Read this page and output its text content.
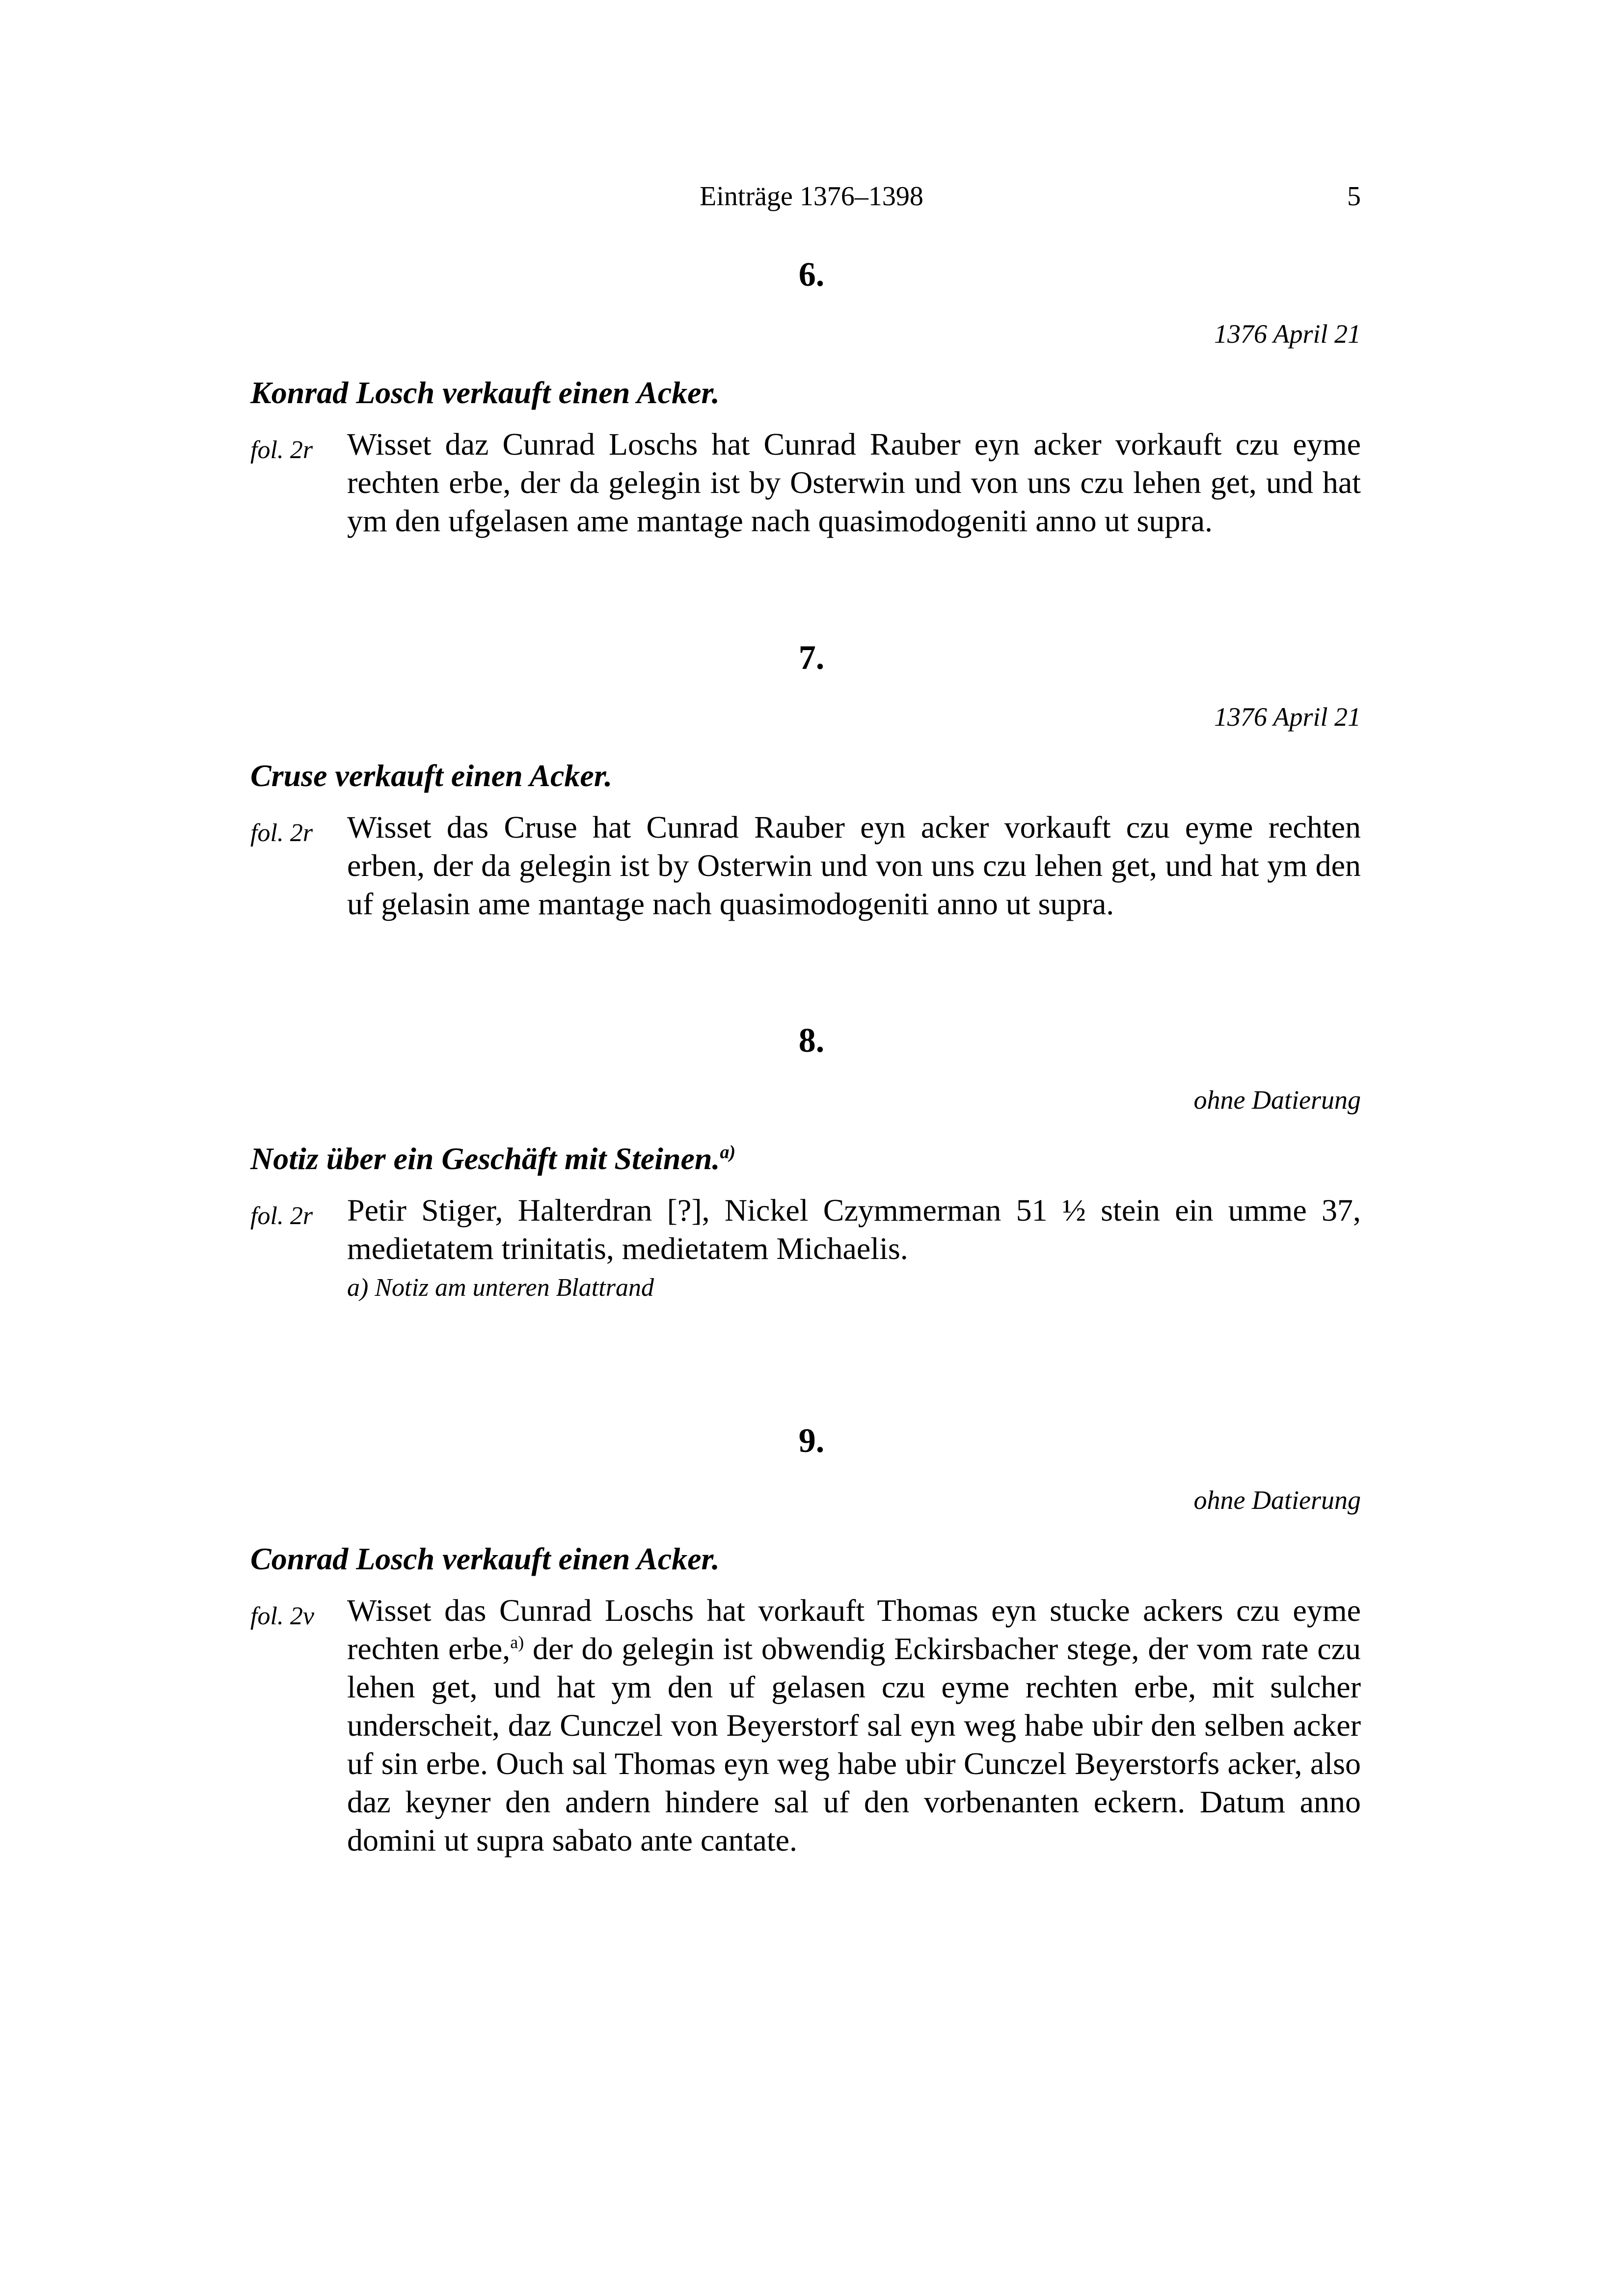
Einträge 1376–1398	5
6.
1376 April 21
Konrad Losch verkauft einen Acker.
fol. 2r	Wisset daz Cunrad Loschs hat Cunrad Rauber eyn acker vorkauft czu eyme rechten erbe, der da gelegin ist by Osterwin und von uns czu lehen get, und hat ym den ufgelasen ame mantage nach quasimodogeniti anno ut supra.
7.
1376 April 21
Cruse verkauft einen Acker.
fol. 2r	Wisset das Cruse hat Cunrad Rauber eyn acker vorkauft czu eyme rechten erben, der da gelegin ist by Osterwin und von uns czu lehen get, und hat ym den uf gelasin ame mantage nach quasimodogeniti anno ut supra.
8.
ohne Datierung
Notiz über ein Geschäft mit Steinen.$^{a)}$
fol. 2r	Petir Stiger, Halterdran [?], Nickel Czymmerman 51 ½ stein ein umme 37, medietatem trinitatis, medietatem Michaelis.
a) Notiz am unteren Blattrand
9.
ohne Datierung
Conrad Losch verkauft einen Acker.
fol. 2v	Wisset das Cunrad Loschs hat vorkauft Thomas eyn stucke ackers czu eyme rechten erbe,$^{a)}$ der do gelegin ist obwendig Eckirsbacher stege, der vom rate czu lehen get, und hat ym den uf gelasen czu eyme rechten erbe, mit sulcher underscheit, daz Cunczel von Beyerstorf sal eyn weg habe ubir den selben acker uf sin erbe. Ouch sal Thomas eyn weg habe ubir Cunczel Beyerstorfs acker, also daz keyner den andern hindere sal uf den vorbenanten eckern. Datum anno domini ut supra sabato ante cantate.
